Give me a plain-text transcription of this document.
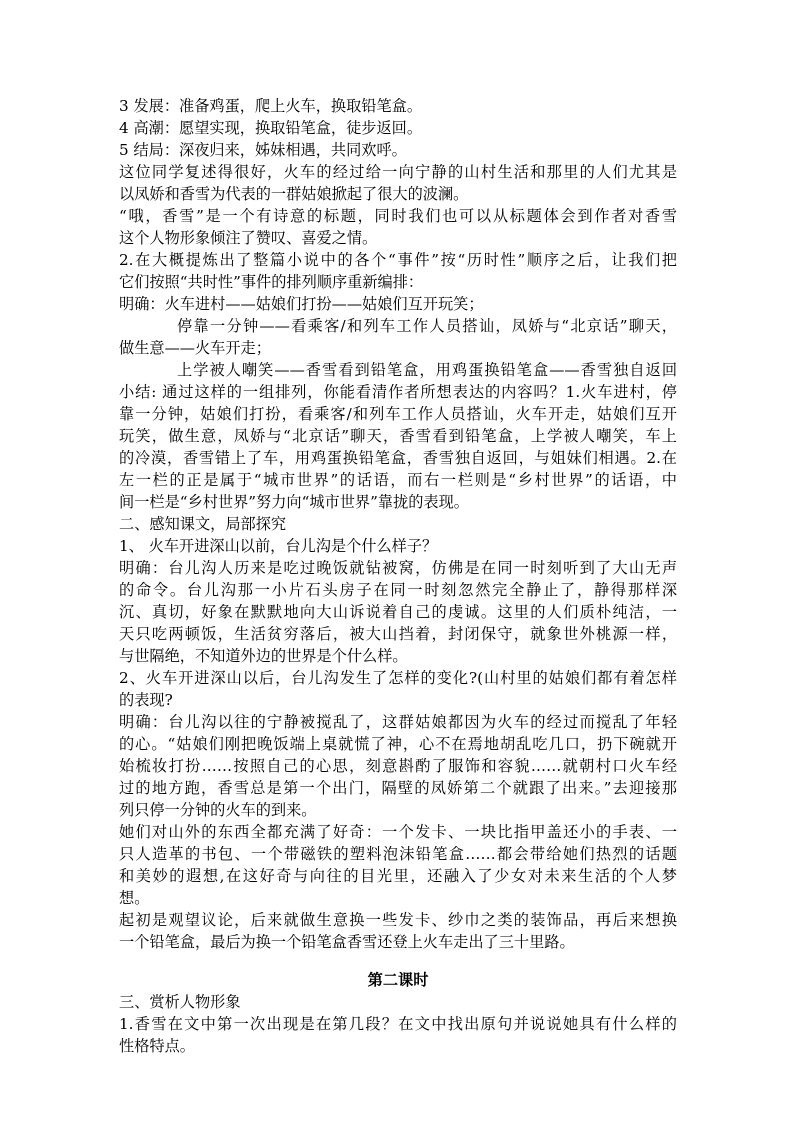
3 发展：准备鸡蛋，爬上火车，换取铅笔盒。

4 高潮：愿望实现，换取铅笔盒，徒步返回。

5 结局：深夜归来，姊妹相遇，共同欢呼。

这位同学复述得很好，火车的经过给一向宁静的山村生活和那里的人们尤其是

以凤娇和香雪为代表的一群姑娘掀起了很大的波澜。

“哦，香雪”是一个有诗意的标题，同时我们也可以从标题体会到作者对香雪

这个人物形象倾注了赞叹、喜爱之情。

2.在大概提炼出了整篇小说中的各个“事件”按“历时性”顺序之后，让我们把

它们按照“共时性”事件的排列顺序重新编排：

明确：火车进村——姑娘们打扮——姑娘们互开玩笑；

停靠一分钟——看乘客/和列车工作人员搭讪，凤娇与“北京话”聊天，

做生意——火车开走；

上学被人嘲笑——香雪看到铅笔盒，用鸡蛋换铅笔盒——香雪独自返回

小结: 通过这样的一组排列，你能看清作者所想表达的内容吗？1.火车进村，停

靠一分钟，姑娘们打扮，看乘客/和列车工作人员搭讪，火车开走，姑娘们互开

玩笑，做生意，凤娇与“北京话”聊天，香雪看到铅笔盒，上学被人嘲笑，车上

的冷漠，香雪错上了车，用鸡蛋换铅笔盒，香雪独自返回，与姐妹们相遇。2.在

左一栏的正是属于“城市世界”的话语，而右一栏则是“乡村世界”的话语，中

间一栏是“乡村世界”努力向“城市世界”靠拢的表现。

二、感知课文，局部探究

1、 火车开进深山以前，台儿沟是个什么样子？

明确：台儿沟人历来是吃过晚饭就钻被窝，仿佛是在同一时刻听到了大山无声

的命令。台儿沟那一小片石头房子在同一时刻忽然完全静止了，静得那样深

沉、真切，好象在默默地向大山诉说着自己的虔诚。这里的人们质朴纯洁，一

天只吃两顿饭，生活贫穷落后，被大山挡着，封闭保守，就象世外桃源一样，

与世隔绝，不知道外边的世界是个什么样。

2、火车开进深山以后，台儿沟发生了怎样的变化?(山村里的姑娘们都有着怎样

的表现?

明确：台儿沟以往的宁静被搅乱了，这群姑娘都因为火车的经过而搅乱了年轻

的心。“姑娘们刚把晚饭端上桌就慌了神，心不在焉地胡乱吃几口，扔下碗就开

始梳妆打扮……按照自己的心思，刻意斟酌了服饰和容貌……就朝村口火车经

过的地方跑，香雪总是第一个出门，隔壁的凤娇第二个就跟了出来。”去迎接那

列只停一分钟的火车的到来。

她们对山外的东西全都充满了好奇：一个发卡、一块比指甲盖还小的手表、一

只人造革的书包、一个带磁铁的塑料泡沫铅笔盒……都会带给她们热烈的话题

和美妙的遐想,在这好奇与向往的目光里，还融入了少女对未来生活的个人梦

想。

起初是观望议论，后来就做生意换一些发卡、纱巾之类的装饰品，再后来想换

一个铅笔盒，最后为换一个铅笔盒香雪还登上火车走出了三十里路。

第二课时

三、赏析人物形象

1.香雪在文中第一次出现是在第几段？在文中找出原句并说说她具有什么样的

性格特点。
